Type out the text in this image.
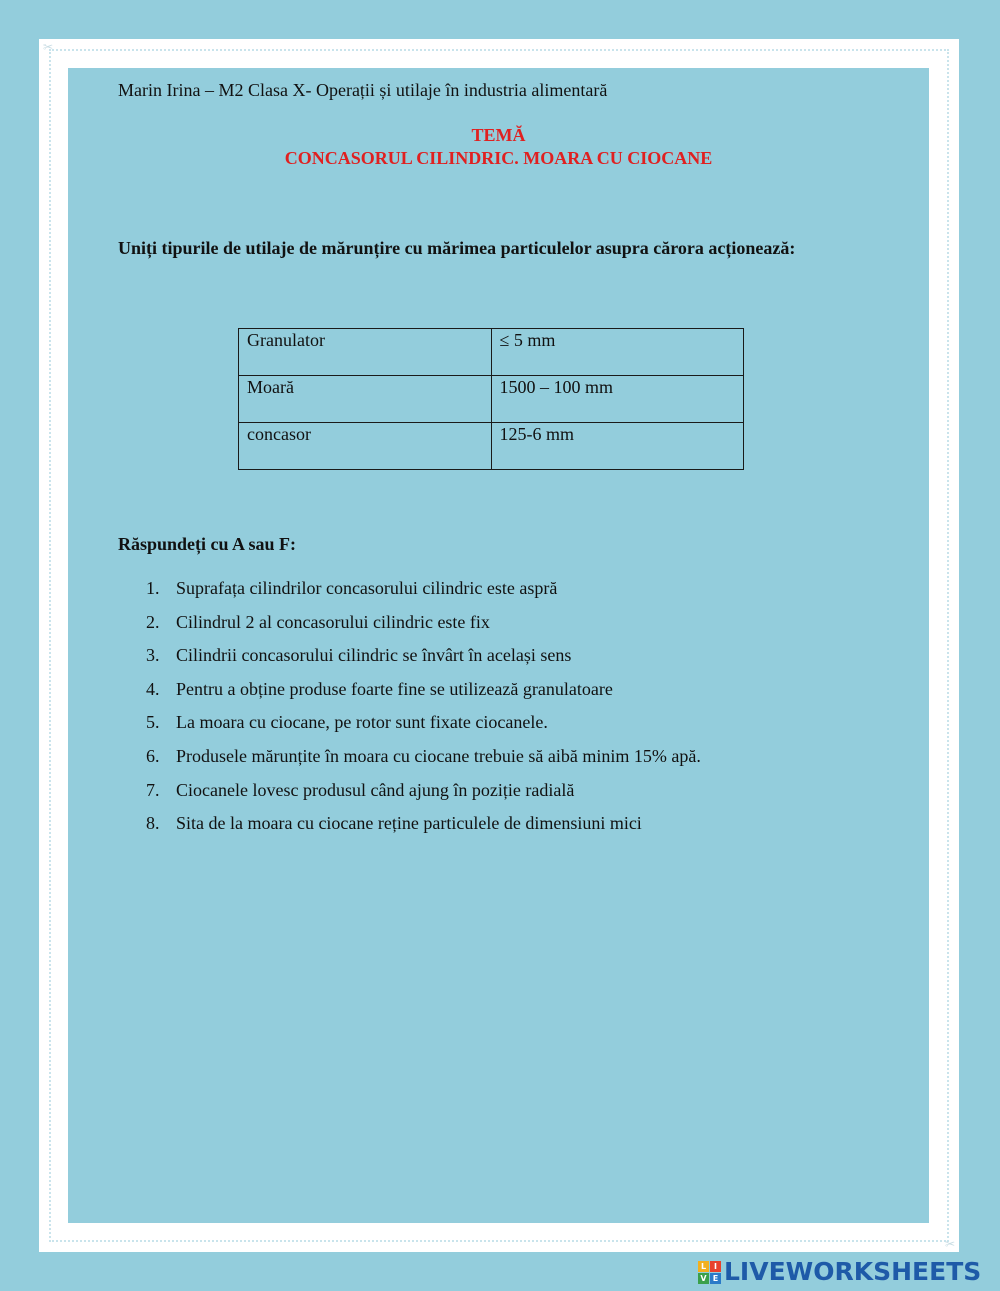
✂
✂
Marin Irina – M2 Clasa X- Operații și utilaje în industria alimentară
TEMĂ
CONCASORUL CILINDRIC. MOARA CU CIOCANE
Uniți tipurile de utilaje de mărunțire cu mărimea particulelor asupra cărora acționează:
Granulator	≤ 5 mm
Moară	1500 – 100 mm
concasor	125-6 mm
Răspundeți cu A sau F:
1. Suprafața cilindrilor concasorului cilindric este aspră
2. Cilindrul 2 al concasorului cilindric este fix
3. Cilindrii concasorului cilindric se învârt în același sens
4. Pentru a obține produse foarte fine se utilizează granulatoare
5. La moara cu ciocane, pe rotor sunt fixate ciocanele.
6. Produsele mărunțite în moara cu ciocane trebuie să aibă minim 15% apă.
7. Ciocanele lovesc produsul când ajung în poziție radială
8. Sita de la moara cu ciocane reține particulele de dimensiuni mici
L I
V E LIVEWORKSHEETS
